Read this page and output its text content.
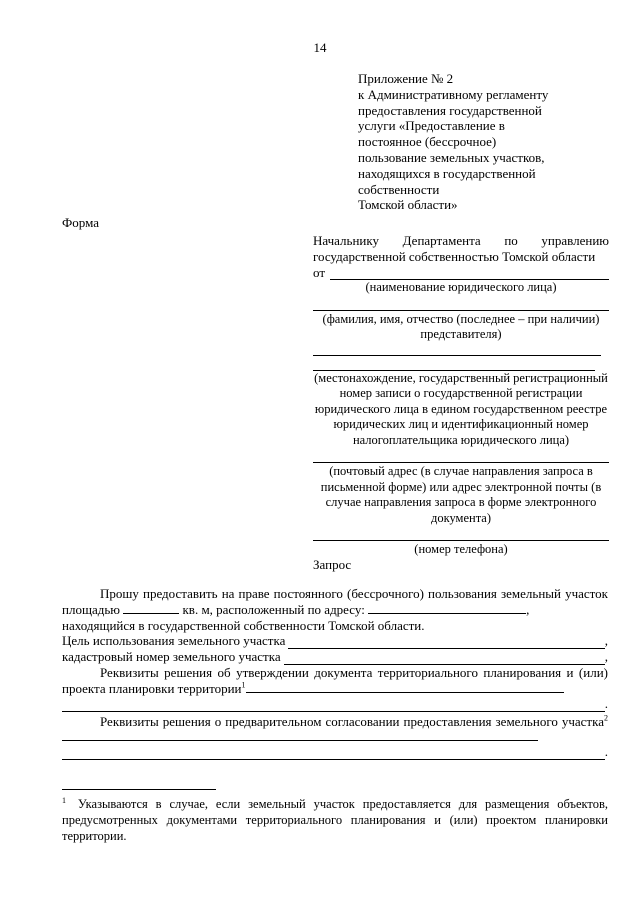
14
Приложение № 2
к Административному регламенту
предоставления государственной
услуги «Предоставление в
постоянное (бессрочное)
пользование земельных участков,
находящихся в государственной
собственности
Томской области»
Форма
Начальнику Департамента по управлению государственной собственностью Томской области
от
(наименование юридического лица)
(фамилия, имя, отчество (последнее – при наличии) представителя)
(местонахождение, государственный регистрационный номер записи о государственной регистрации юридического лица в едином государственном реестре юридических лиц и идентификационный номер налогоплательщика юридического лица)
(почтовый адрес (в случае направления запроса в письменной форме) или адрес электронной почты (в случае направления запроса в форме электронного документа)
(номер телефона)
Запрос
Прошу предоставить на праве постоянного (бессрочного) пользования земельный участок площадью	кв. м, расположенный по адресу:	,
находящийся в государственной собственности Томской области.
Цель использования земельного участка	,
кадастровый номер земельного участка	,
Реквизиты решения об утверждении документа территориального планирования и (или) проекта планировки территории$^1$
.
Реквизиты решения о предварительном согласовании предоставления земельного участка$^2$
.
$^1$ Указываются в случае, если земельный участок предоставляется для размещения объектов, предусмотренных документами территориального планирования и (или) проектом планировки территории.
